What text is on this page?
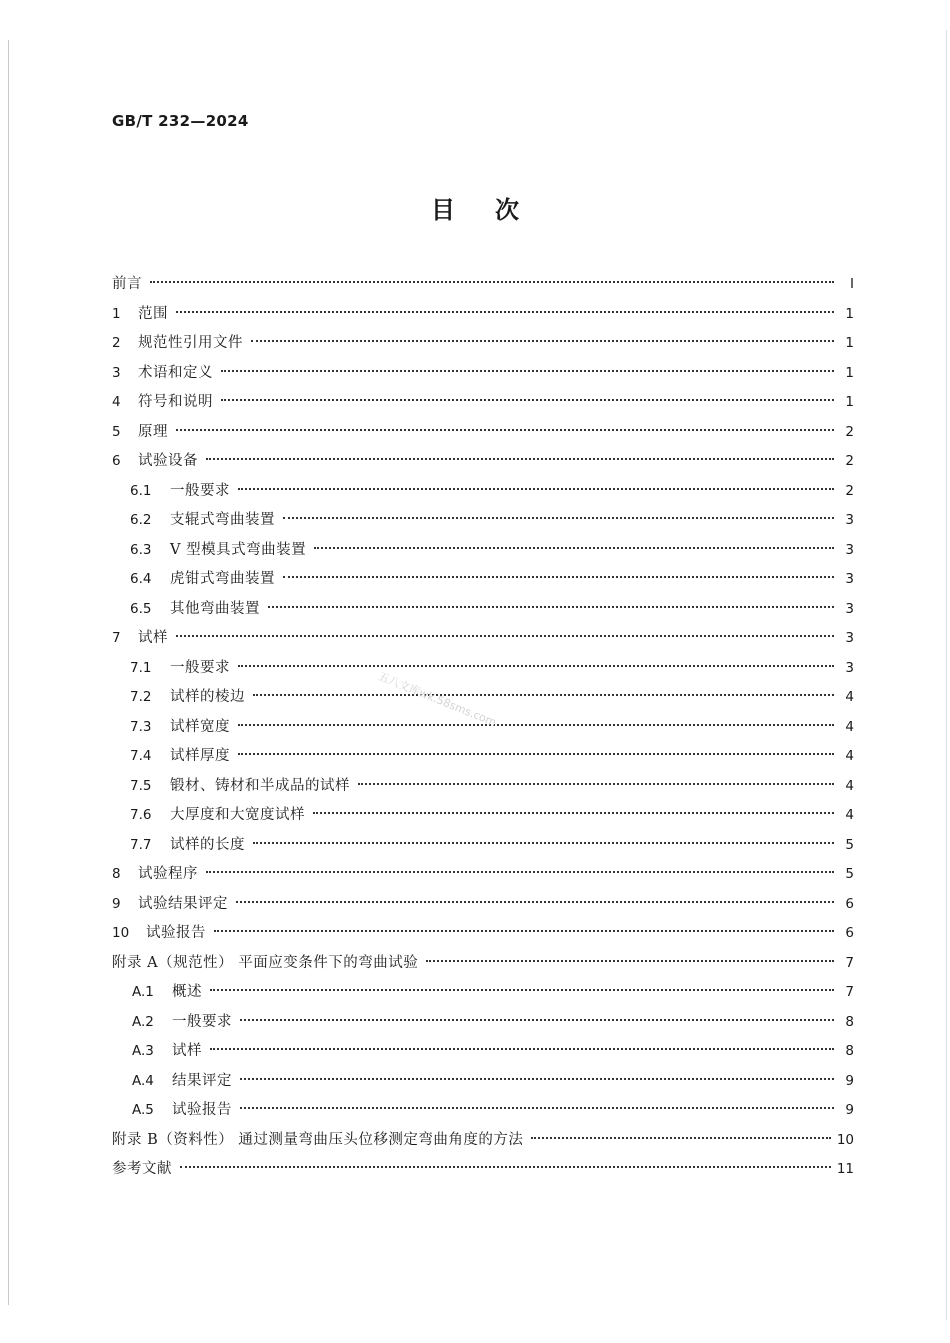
GB/T 232—2024
目次
前言	Ⅰ
1	范围	1
2	规范性引用文件	1
3	术语和定义	1
4	符号和说明	1
5	原理	2
6	试验设备	2
6.1	一般要求	2
6.2	支辊式弯曲装置	3
6.3	V 型模具式弯曲装置	3
6.4	虎钳式弯曲装置	3
6.5	其他弯曲装置	3
7	试样	3
7.1	一般要求	3
7.2	试样的棱边	4
7.3	试样宽度	4
7.4	试样厚度	4
7.5	锻材、铸材和半成品的试样	4
7.6	大厚度和大宽度试样	4
7.7	试样的长度	5
8	试验程序	5
9	试验结果评定	6
10	试验报告	6
附录 A（规范性） 平面应变条件下的弯曲试验	7
A.1	概述	7
A.2	一般要求	8
A.3	试样	8
A.4	结果评定	9
A.5	试验报告	9
附录 B（资料性） 通过测量弯曲压头位移测定弯曲角度的方法	10
参考文献	11
五八文库wk.58sms.com
